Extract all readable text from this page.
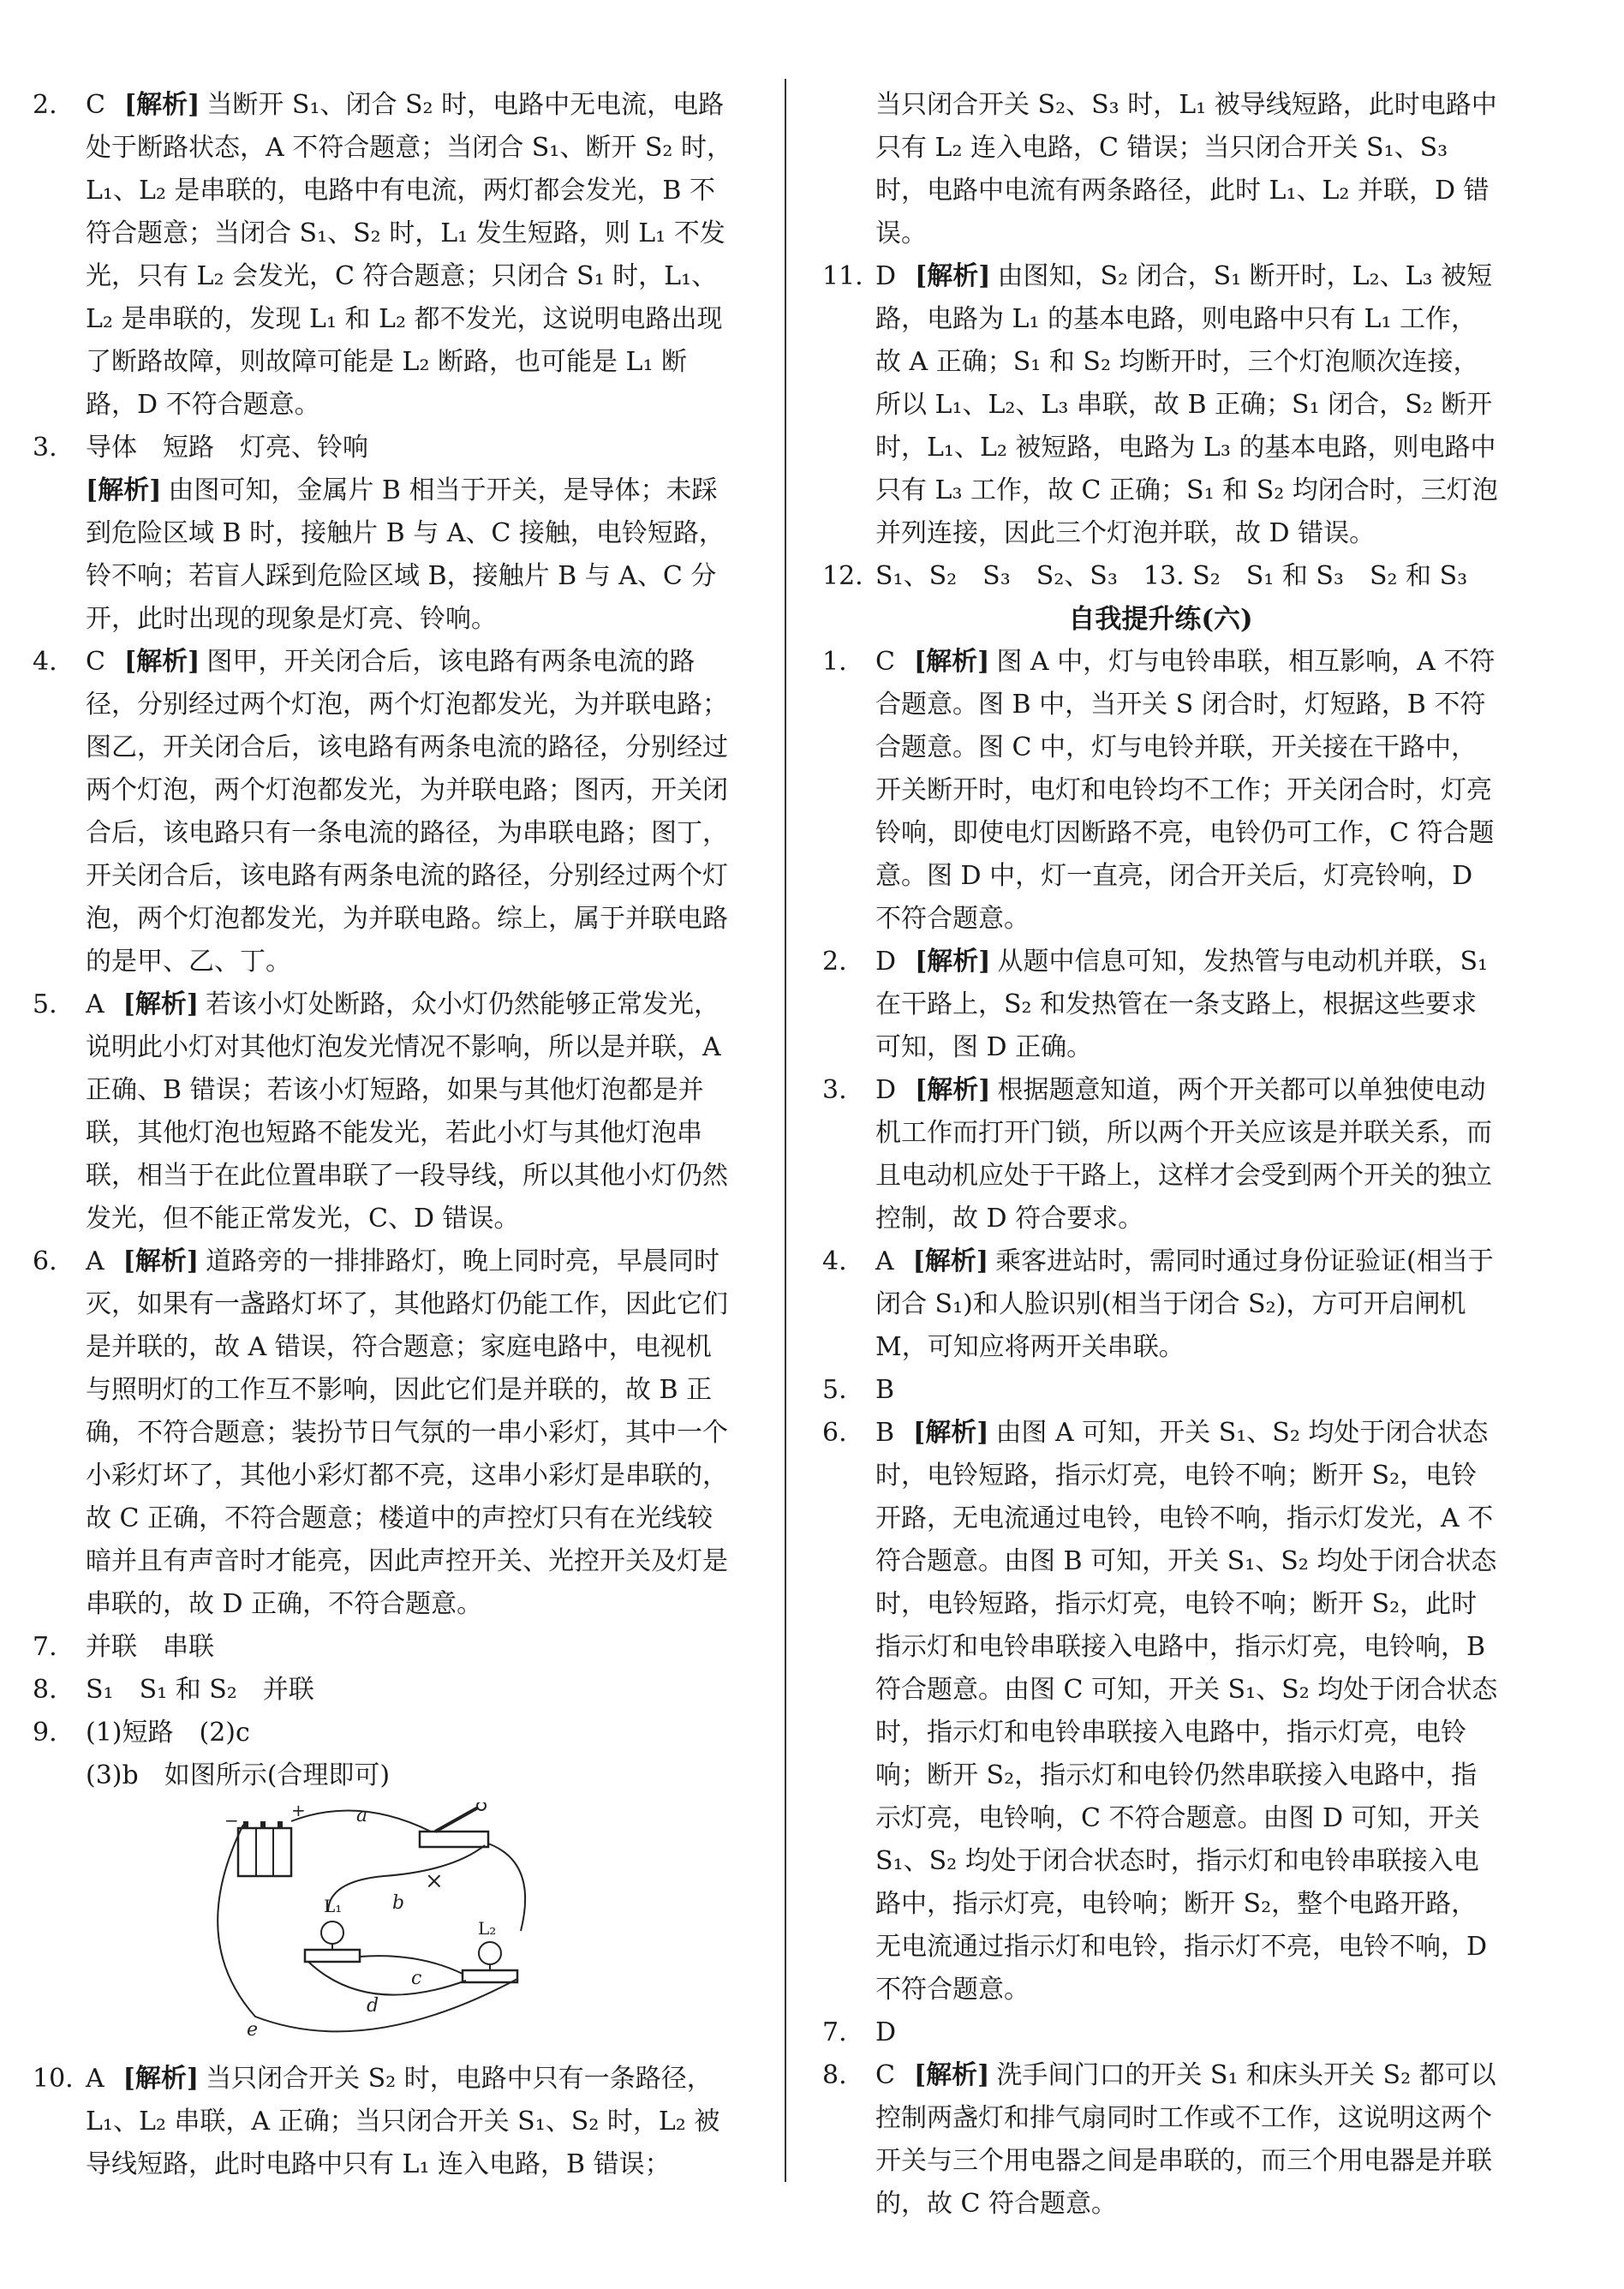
2. C [解析] 当断开 S₁、闭合 S₂ 时，电路中无电流，电路处于断路状态，A 不符合题意；当闭合 S₁、断开 S₂ 时，L₁、L₂ 是串联的，电路中有电流，两灯都会发光，B 不符合题意；当闭合 S₁、S₂ 时，L₁ 发生短路，则 L₁ 不发光，只有 L₂ 会发光，C 符合题意；只闭合 S₁ 时，L₁、L₂ 是串联的，发现 L₁ 和 L₂ 都不发光，这说明电路出现了断路故障，则故障可能是 L₂ 断路，也可能是 L₁ 断路，D 不符合题意。

3. 导体　短路　灯亮、铃响

[解析] 由图可知，金属片 B 相当于开关，是导体；未踩到危险区域 B 时，接触片 B 与 A、C 接触，电铃短路，铃不响；若盲人踩到危险区域 B，接触片 B 与 A、C 分开，此时出现的现象是灯亮、铃响。

4. C [解析] 图甲，开关闭合后，该电路有两条电流的路径，分别经过两个灯泡，两个灯泡都发光，为并联电路；图乙，开关闭合后，该电路有两条电流的路径，分别经过两个灯泡，两个灯泡都发光，为并联电路；图丙，开关闭合后，该电路只有一条电流的路径，为串联电路；图丁，开关闭合后，该电路有两条电流的路径，分别经过两个灯泡，两个灯泡都发光，为并联电路。综上，属于并联电路的是甲、乙、丁。

5. A [解析] 若该小灯处断路，众小灯仍然能够正常发光，说明此小灯对其他灯泡发光情况不影响，所以是并联，A 正确、B 错误；若该小灯短路，如果与其他灯泡都是并联，其他灯泡也短路不能发光，若此小灯与其他灯泡串联，相当于在此位置串联了一段导线，所以其他小灯仍然发光，但不能正常发光，C、D 错误。

6. A [解析] 道路旁的一排排路灯，晚上同时亮，早晨同时灭，如果有一盏路灯坏了，其他路灯仍能工作，因此它们是并联的，故 A 错误，符合题意；家庭电路中，电视机与照明灯的工作互不影响，因此它们是并联的，故 B 正确，不符合题意；装扮节日气氛的一串小彩灯，其中一个小彩灯坏了，其他小彩灯都不亮，这串小彩灯是串联的，故 C 正确，不符合题意；楼道中的声控灯只有在光线较暗并且有声音时才能亮，因此声控开关、光控开关及灯是串联的，故 D 正确，不符合题意。

7. 并联　串联

8. S₁　S₁ 和 S₂　并联

9. (1)短路　(2)c

(3)b　如图所示(合理即可)

−	+	a
×
b
L₁
L₂
c
d
e

10. A [解析] 当只闭合开关 S₂ 时，电路中只有一条路径，L₁、L₂ 串联，A 正确；当只闭合开关 S₁、S₂ 时，L₂ 被导线短路，此时电路中只有 L₁ 连入电路，B 错误；

当只闭合开关 S₂、S₃ 时，L₁ 被导线短路，此时电路中只有 L₂ 连入电路，C 错误；当只闭合开关 S₁、S₃ 时，电路中电流有两条路径，此时 L₁、L₂ 并联，D 错误。

11. D [解析] 由图知，S₂ 闭合，S₁ 断开时，L₂、L₃ 被短路，电路为 L₁ 的基本电路，则电路中只有 L₁ 工作，故 A 正确；S₁ 和 S₂ 均断开时，三个灯泡顺次连接，所以 L₁、L₂、L₃ 串联，故 B 正确；S₁ 闭合，S₂ 断开时，L₁、L₂ 被短路，电路为 L₃ 的基本电路，则电路中只有 L₃ 工作，故 C 正确；S₁ 和 S₂ 均闭合时，三灯泡并列连接，因此三个灯泡并联，故 D 错误。

12. S₁、S₂　S₃　S₂、S₃　13. S₂　S₁ 和 S₃　S₂ 和 S₃

自我提升练(六)

1. C [解析] 图 A 中，灯与电铃串联，相互影响，A 不符合题意。图 B 中，当开关 S 闭合时，灯短路，B 不符合题意。图 C 中，灯与电铃并联，开关接在干路中，开关断开时，电灯和电铃均不工作；开关闭合时，灯亮铃响，即使电灯因断路不亮，电铃仍可工作，C 符合题意。图 D 中，灯一直亮，闭合开关后，灯亮铃响，D 不符合题意。

2. D [解析] 从题中信息可知，发热管与电动机并联，S₁ 在干路上，S₂ 和发热管在一条支路上，根据这些要求可知，图 D 正确。

3. D [解析] 根据题意知道，两个开关都可以单独使电动机工作而打开门锁，所以两个开关应该是并联关系，而且电动机应处于干路上，这样才会受到两个开关的独立控制，故 D 符合要求。

4. A [解析] 乘客进站时，需同时通过身份证验证(相当于闭合 S₁)和人脸识别(相当于闭合 S₂)，方可开启闸机 M，可知应将两开关串联。

5. B

6. B [解析] 由图 A 可知，开关 S₁、S₂ 均处于闭合状态时，电铃短路，指示灯亮，电铃不响；断开 S₂，电铃开路，无电流通过电铃，电铃不响，指示灯发光，A 不符合题意。由图 B 可知，开关 S₁、S₂ 均处于闭合状态时，电铃短路，指示灯亮，电铃不响；断开 S₂，此时指示灯和电铃串联接入电路中，指示灯亮，电铃响，B 符合题意。由图 C 可知，开关 S₁、S₂ 均处于闭合状态时，指示灯和电铃串联接入电路中，指示灯亮，电铃响；断开 S₂，指示灯和电铃仍然串联接入电路中，指示灯亮，电铃响，C 不符合题意。由图 D 可知，开关 S₁、S₂ 均处于闭合状态时，指示灯和电铃串联接入电路中，指示灯亮，电铃响；断开 S₂，整个电路开路，无电流通过指示灯和电铃，指示灯不亮，电铃不响，D 不符合题意。

7. D

8. C [解析] 洗手间门口的开关 S₁ 和床头开关 S₂ 都可以控制两盏灯和排气扇同时工作或不工作，这说明这两个开关与三个用电器之间是串联的，而三个用电器是并联的，故 C 符合题意。
